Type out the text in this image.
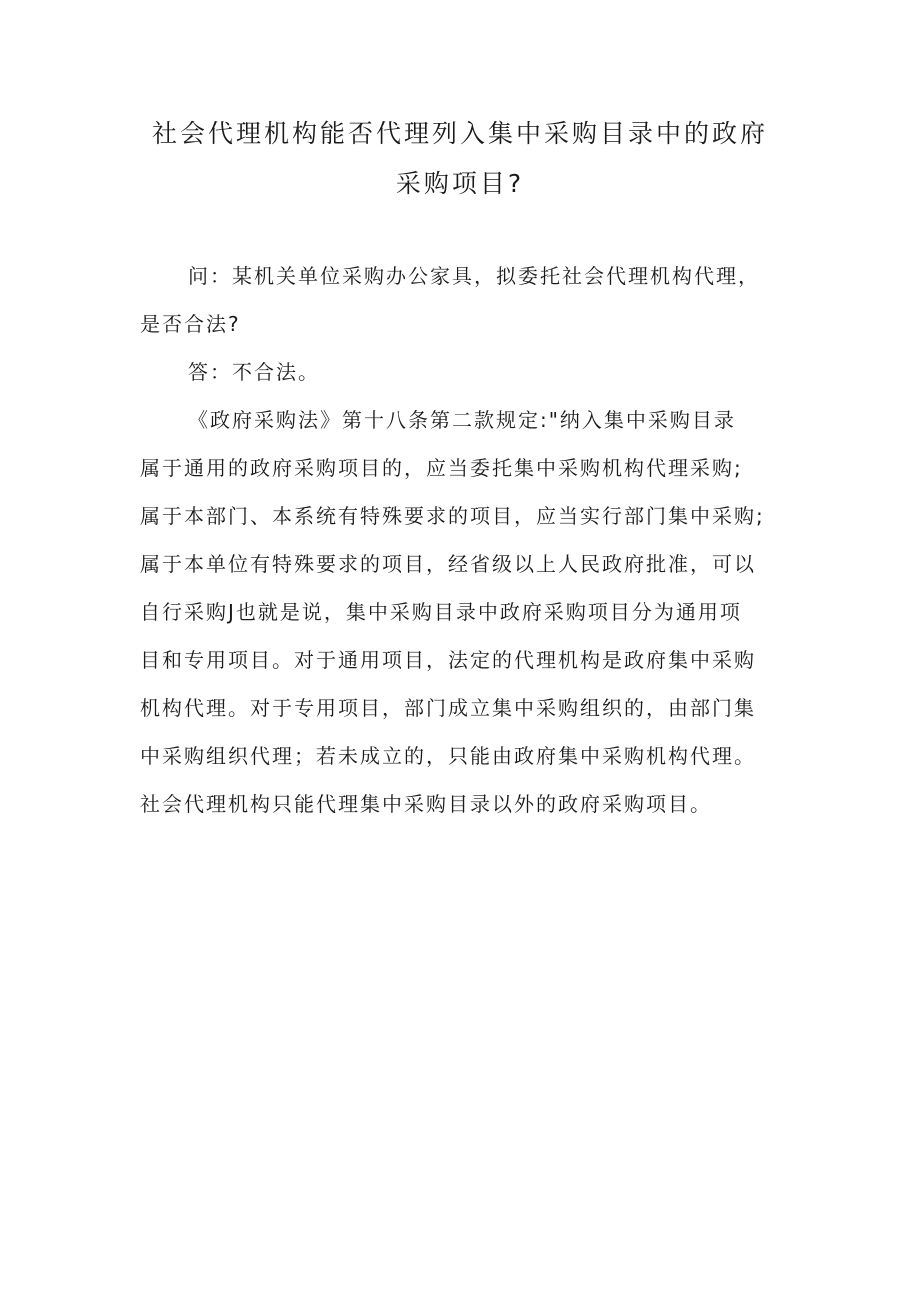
社会代理机构能否代理列入集中采购目录中的政府
采购项目?
问：某机关单位采购办公家具，拟委托社会代理机构代理，
是否合法?
答：不合法。
《政府采购法》第十八条第二款规定:"纳入集中采购目录
属于通用的政府采购项目的，应当委托集中采购机构代理采购;
属于本部门、本系统有特殊要求的项目，应当实行部门集中采购;
属于本单位有特殊要求的项目，经省级以上人民政府批准，可以
自行采购J也就是说，集中采购目录中政府采购项目分为通用项
目和专用项目。对于通用项目，法定的代理机构是政府集中采购
机构代理。对于专用项目，部门成立集中采购组织的，由部门集
中采购组织代理；若未成立的，只能由政府集中采购机构代理。
社会代理机构只能代理集中采购目录以外的政府采购项目。
